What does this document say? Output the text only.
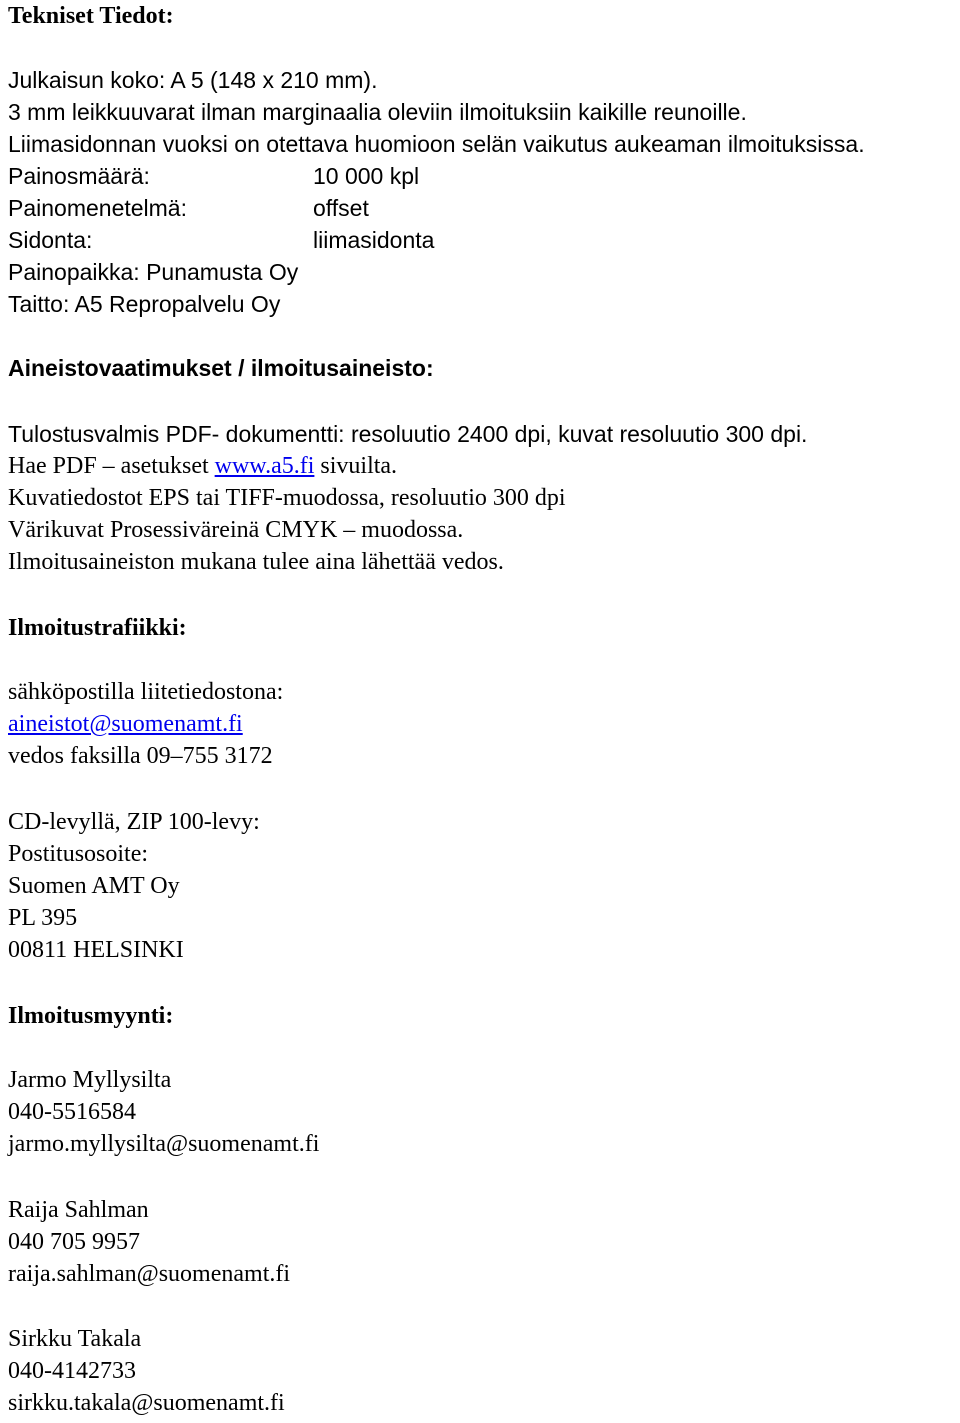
Tekniset Tiedot:

Julkaisun koko: A 5 (148 x 210 mm).

3 mm leikkuuvarat ilman marginaalia oleviin ilmoituksiin kaikille reunoille.

Liimasidonnan vuoksi on otettava huomioon selän vaikutus aukeaman ilmoituksissa.

Painosmäärä:	10 000 kpl
Painomenetelmä:	offset
Sidonta:	liimasidonta

Painopaikka: Punamusta Oy

Taitto: A5 Repropalvelu Oy

Aineistovaatimukset / ilmoitusaineisto:

Tulostusvalmis PDF- dokumentti: resoluutio 2400 dpi, kuvat resoluutio 300 dpi.

Hae PDF – asetukset www.a5.fi sivuilta.

Kuvatiedostot EPS tai TIFF-muodossa, resoluutio 300 dpi

Värikuvat Prosessiväreinä CMYK – muodossa.

Ilmoitusaineiston mukana tulee aina lähettää vedos.

Ilmoitustrafiikki:

sähköpostilla liitetiedostona:

aineistot@suomenamt.fi

vedos faksilla 09–755 3172

CD-levyllä, ZIP 100-levy:

Postitusosoite:

Suomen AMT Oy

PL 395

00811 HELSINKI

Ilmoitusmyynti:

Jarmo Myllysilta

040-5516584

jarmo.myllysilta@suomenamt.fi

Raija Sahlman

040 705 9957

raija.sahlman@suomenamt.fi

Sirkku Takala

040-4142733

sirkku.takala@suomenamt.fi
